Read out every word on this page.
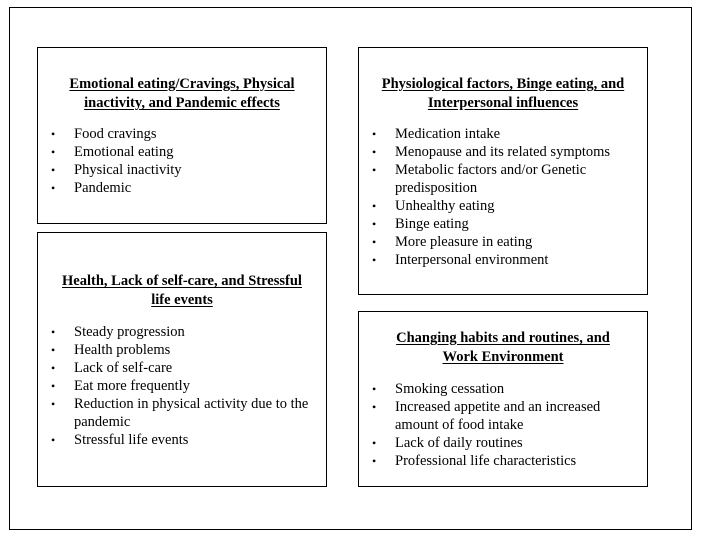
Emotional eating/Cravings, Physical
inactivity, and Pandemic effects
• Food cravings
• Emotional eating
• Physical inactivity
• Pandemic
Physiological factors, Binge eating, and
Interpersonal influences
• Medication intake
• Menopause and its related symptoms
• Metabolic factors and/or Genetic predisposition
• Unhealthy eating
• Binge eating
• More pleasure in eating
• Interpersonal environment
Health, Lack of self-care, and Stressful
life events
• Steady progression
• Health problems
• Lack of self-care
• Eat more frequently
• Reduction in physical activity due to the pandemic
• Stressful life events
Changing habits and routines, and
Work Environment
• Smoking cessation
• Increased appetite and an increased amount of food intake
• Lack of daily routines
• Professional life characteristics
